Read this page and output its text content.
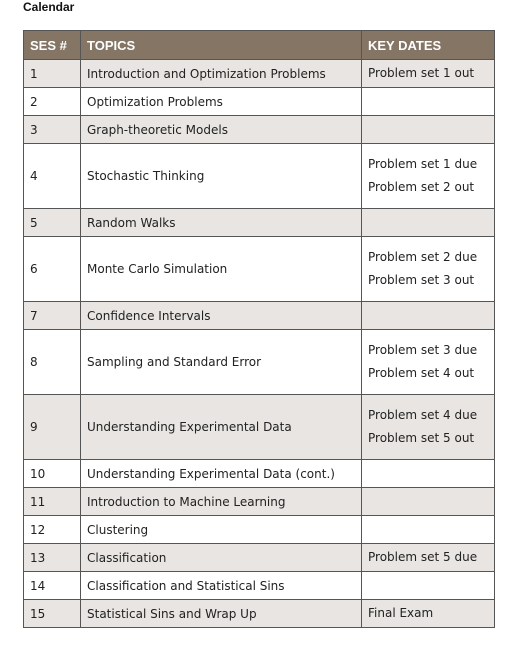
Calendar
SES #	TOPICS	KEY DATES
1	Introduction and Optimization Problems	Problem set 1 out

2	Optimization Problems	
3	Graph-theoretic Models	
4	Stochastic Thinking	Problem set 1 due
Problem set 2 out

5	Random Walks	
6	Monte Carlo Simulation	Problem set 2 due
Problem set 3 out

7	Confidence Intervals	
8	Sampling and Standard Error	Problem set 3 due
Problem set 4 out

9	Understanding Experimental Data	Problem set 4 due
Problem set 5 out

10	Understanding Experimental Data (cont.)	
11	Introduction to Machine Learning	
12	Clustering	
13	Classification	Problem set 5 due

14	Classification and Statistical Sins	
15	Statistical Sins and Wrap Up	Final Exam
